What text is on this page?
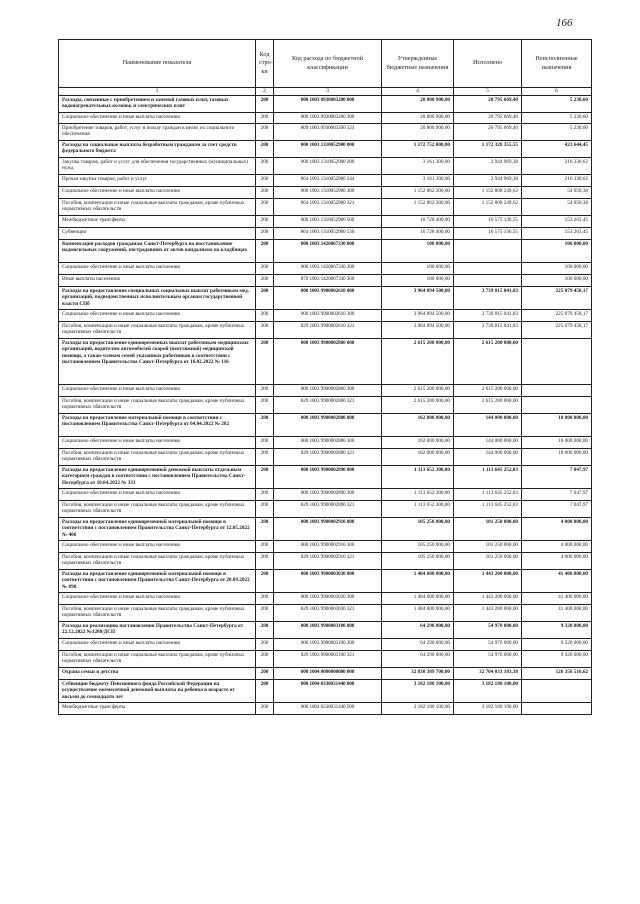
166
Наименование показателя	Код стро-ки	Код расхода по бюджетной классификации	Утвержденные бюджетные назначения	Исполнено	Неисполненные назначения
1	2	3	4	5	6
Расходы, связанные с приобретением и заменой газовых плит, газовых водонагревательных колонок и электрических плит	200	000 1003 0930083200 000	20 800 900,00	20 795 669,40	5 230,60
Социальное обеспечение и иные выплаты населению	200	000 1003 0930083200 300	20 800 900,00	20 795 669,40	5 230,60
Приобретение товаров, работ, услуг в пользу граждан в целях их социального обеспечения	200	809 1003 0930083200 323	20 800 900,00	20 795 669,40	5 230,60
Расходы на социальные выплаты безработным гражданам за счет средств федерального бюджета	200	000 1003 1310052900 000	1 172 752 000,00	1 172 328 355,55	423 644,45
Закупка товаров, работ и услуг для обеспечения государственных (муниципальных) нужд	200	000 1003 1310052900 200	3 161 300,00	2 944 969,38	216 330,62
Прочая закупка товаров, работ и услуг	200	864 1003 1310052900 244	3 161 300,00	2 944 969,38	216 330,62
Социальное обеспечение и иные выплаты населению	200	000 1003 1310052900 300	1 152 862 300,00	1 152 808 249,62	54 050,38
Пособия, компенсации и иные социальные выплаты гражданам, кроме публичных нормативных обязательств	200	864 1003 1310052900 321	1 152 862 300,00	1 152 808 249,62	54 050,38
Межбюджетные трансферты	200	000 1003 1310052900 500	16 728 400,00	16 575 136,55	153 263,45
Субвенции	200	864 1003 1310052900 530	16 728 400,00	16 575 136,55	153 263,45
Компенсация расходов гражданам Санкт-Петербурга на восстановление надмогильных сооружений, пострадавших от актов вандализма на кладбищах	200	000 1003 1420067330 000	100 000,00		100 000,00
Социальное обеспечение и иные выплаты населению	200	000 1003 1420067330 300	100 000,00		100 000,00
Иные выплаты населению	200	870 1003 1420067330 360	100 000,00		100 000,00
Расходы на предоставление специальных социальных выплат работникам мед. организаций, подведомственных исполнительным органам государственной власти СПб	200	000 1003 9900002610 000	3 964 894 500,00	3 739 815 041,83	225 079 458,17
Социальное обеспечение и иные выплаты населению	200	000 1003 9900002610 300	3 964 894 500,00	3 739 815 041,83	225 079 458,17
Пособия, компенсации и иные социальные выплаты гражданам, кроме публичных нормативных обязательств	200	829 1003 9900002610 321	3 964 894 500,00	3 739 815 041,83	225 079 458,17
Расходы на предоставление единовременных выплат работникам медицинских организаций, водителям автомобилей скорой (неотложной) медицинской помощи, а также членам семей указанных работников в соответствии с постановлением Правительства Санкт-Петербурга от 16.02.2022 № 116	200	000 1003 9900002860 000	2 615 200 000,00	2 615 200 000,00	
Социальное обеспечение и иные выплаты населению	200	000 1003 9900002860 300	2 615 200 000,00	2 615 200 000,00	
Пособия, компенсации и иные социальные выплаты гражданам, кроме публичных нормативных обязательств	200	829 1003 9900002860 321	2 615 200 000,00	2 615 200 000,00	
Расходы на предоставление материальной помощи в соответствии с постановлением Правительства Санкт-Петербурга от 04.04.2022 № 282	200	000 1003 9900002880 000	162 000 000,00	144 000 000,00	18 000 000,00
Социальное обеспечение и иные выплаты населению	200	000 1003 9900002880 300	162 000 000,00	144 000 000,00	18 000 000,00
Пособия, компенсации и иные социальные выплаты гражданам, кроме публичных нормативных обязательств	200	829 1003 9900002880 321	162 000 000,00	144 000 000,00	18 000 000,00
Расходы на предоставление единовременной денежной выплаты отдельным категориям граждан в соответствии с постановлением Правительства Санкт-Петербурга от 18.04.2022 № 333	200	000 1003 9900002890 000	1 113 652 300,00	1 113 645 252,03	7 047,97
Социальное обеспечение и иные выплаты населению	200	000 1003 9900002890 300	1 113 652 300,00	1 113 645 252,03	7 047,97
Пособия, компенсации и иные социальные выплаты гражданам, кроме публичных нормативных обязательств	200	829 1003 9900002890 321	1 113 652 300,00	1 113 645 252,03	7 047,97
Расходы на предоставление единовременной материальной помощи в соответствии с постановлением Правительства Санкт-Петербурга от 12.05.2022 № 406	200	000 1003 9900002910 000	105 250 000,00	101 250 000,00	4 000 000,00
Социальное обеспечение и иные выплаты населению	200	000 1003 9900002910 300	105 250 000,00	101 250 000,00	4 000 000,00
Пособия, компенсации и иные социальные выплаты гражданам, кроме публичных нормативных обязательств	200	829 1003 9900002910 321	105 250 000,00	101 250 000,00	4 000 000,00
Расходы на предоставление единовременной материальной помощи в соответствии с постановлением Правительства Санкт-Петербурга от 28.09.2022 № 898	200	000 1003 9900003030 000	1 484 600 000,00	1 443 200 000,00	41 400 000,00
Социальное обеспечение и иные выплаты населению	200	000 1003 9900003030 300	1 484 600 000,00	1 443 200 000,00	41 400 000,00
Пособия, компенсации и иные социальные выплаты гражданам, кроме публичных нормативных обязательств	200	829 1003 9900003030 321	1 484 600 000,00	1 443 200 000,00	41 400 000,00
Расходы на реализацию постановления Правительства Санкт-Петербурга от 22.12.2022 №1280/ДСП	200	000 1003 9900003100 000	64 290 000,00	54 970 000,00	9 320 000,00
Социальное обеспечение и иные выплаты населению	200	000 1003 9900003100 300	64 290 000,00	54 970 000,00	9 320 000,00
Пособия, компенсации и иные социальные выплаты гражданам, кроме публичных нормативных обязательств	200	829 1003 9900003100 321	64 290 000,00	54 970 000,00	9 320 000,00
Охрана семьи и детства	200	000 1004 0000000000 000	32 830 389 700,00	32 704 033 183,38	126 356 516,62
Субвенции бюджету Пенсионного фонда Российской Федерации на осуществление ежемесячной денежной выплаты на ребенка в возрасте от восьми до семнадцати лет	200	000 1004 0330031440 000	3 182 180 100,00	3 182 180 100,00	
Межбюджетные трансферты	200	000 1004 0330031440 500	3 182 180 100,00	3 182 180 100,00	
